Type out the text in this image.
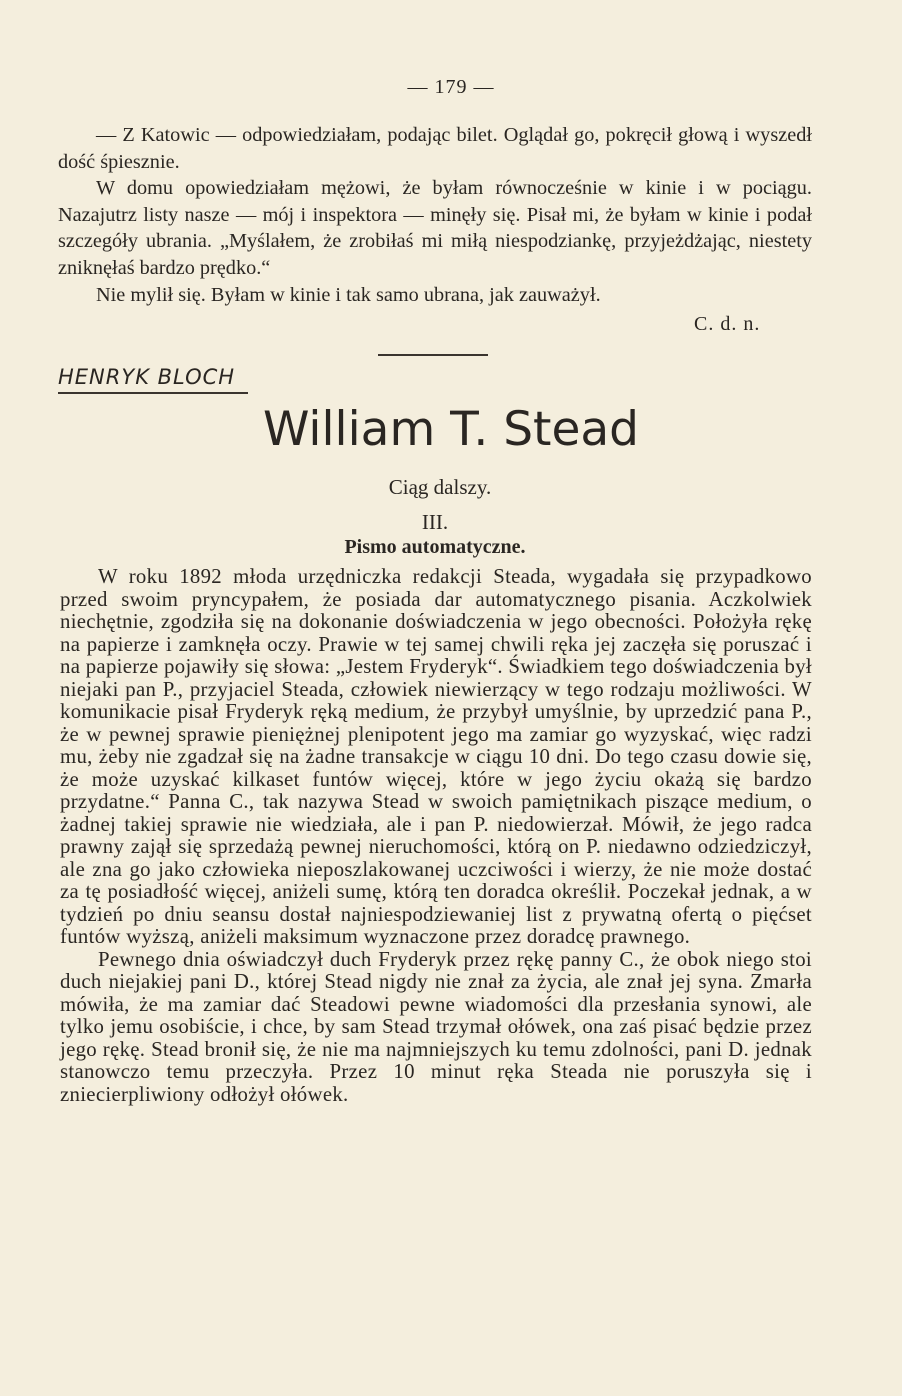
— 179 —

— Z Katowic — odpowiedziałam, podając bilet. Oglądał go, pokręcił głową i wyszedł dość śpiesznie.

W domu opowiedziałam mężowi, że byłam równocześnie w kinie i w pociągu. Nazajutrz listy nasze — mój i inspektora — minęły się. Pisał mi, że byłam w kinie i podał szczegóły ubrania. „Myślałem, że zrobiłaś mi miłą niespodziankę, przyjeżdżając, niestety zniknęłaś bardzo prędko.“

Nie mylił się. Byłam w kinie i tak samo ubrana, jak zauważył.

C. d. n.
HENRYK BLOCH
William T. Stead
Ciąg dalszy.
III.
Pismo automatyczne.

W roku 1892 młoda urzędniczka redakcji Steada, wygadała się przypadkowo przed swoim pryncypałem, że posiada dar automatycznego pisania. Aczkolwiek niechętnie, zgodziła się na dokonanie doświadczenia w jego obecności. Położyła rękę na papierze i zamknęła oczy. Prawie w tej samej chwili ręka jej zaczęła się poruszać i na papierze pojawiły się słowa: „Jestem Fryderyk“. Świadkiem tego doświadczenia był niejaki pan P., przyjaciel Steada, człowiek niewierzący w tego rodzaju możliwości. W komunikacie pisał Fryderyk ręką medium, że przybył umyślnie, by uprzedzić pana P., że w pewnej sprawie pieniężnej plenipotent jego ma zamiar go wyzyskać, więc radzi mu, żeby nie zgadzał się na żadne transakcje w ciągu 10 dni. Do tego czasu dowie się, że może uzyskać kilkaset funtów więcej, które w jego życiu okażą się bardzo przydatne.“ Panna C., tak nazywa Stead w swoich pamiętnikach piszące medium, o żadnej takiej sprawie nie wiedziała, ale i pan P. niedowierzał. Mówił, że jego radca prawny zajął się sprzedażą pewnej nieruchomości, którą on P. niedawno odziedziczył, ale zna go jako człowieka nieposzlakowanej uczciwości i wierzy, że nie może dostać za tę posiadłość więcej, aniżeli sumę, którą ten doradca określił. Poczekał jednak, a w tydzień po dniu seansu dostał najniespodziewaniej list z prywatną ofertą o pięćset funtów wyższą, aniżeli maksimum wyznaczone przez doradcę prawnego.

Pewnego dnia oświadczył duch Fryderyk przez rękę panny C., że obok niego stoi duch niejakiej pani D., której Stead nigdy nie znał za życia, ale znał jej syna. Zmarła mówiła, że ma zamiar dać Steadowi pewne wiadomości dla przesłania synowi, ale tylko jemu osobiście, i chce, by sam Stead trzymał ołówek, ona zaś pisać będzie przez jego rękę. Stead bronił się, że nie ma najmniejszych ku temu zdolności, pani D. jednak stanowczo temu przeczyła. Przez 10 minut ręka Steada nie poruszyła się i zniecierpliwiony odłożył ołówek.
